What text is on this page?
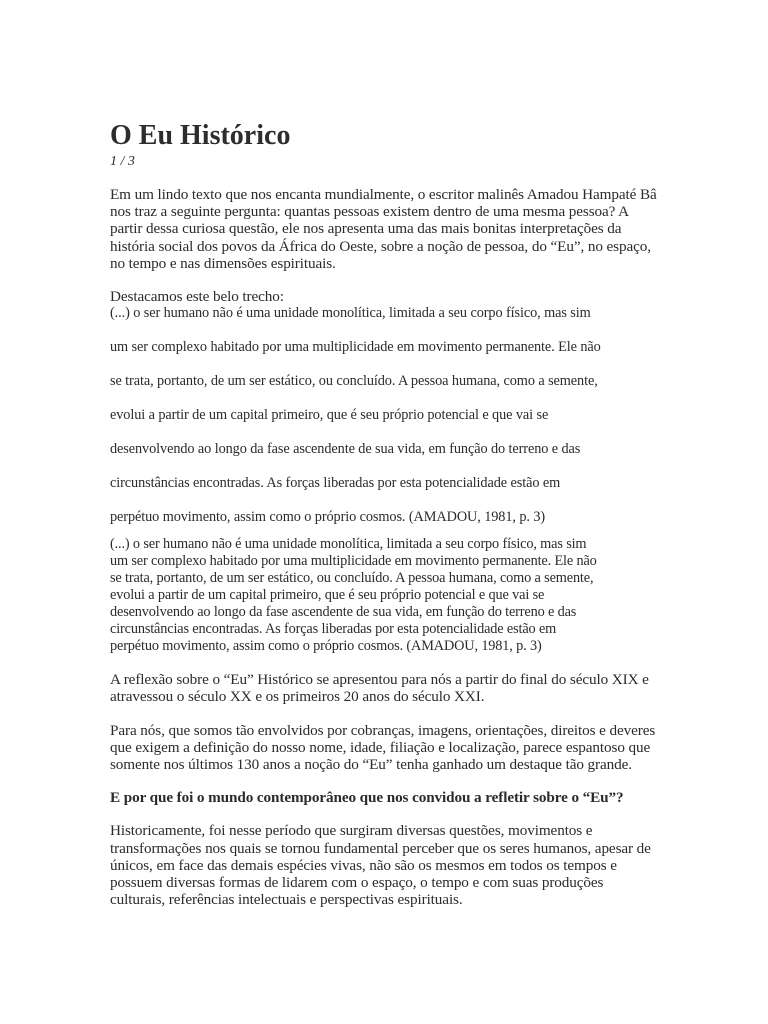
O Eu Histórico

1 / 3

Em um lindo texto que nos encanta mundialmente, o escritor malinês Amadou Hampaté Bâ nos traz a seguinte pergunta: quantas pessoas existem dentro de uma mesma pessoa? A partir dessa curiosa questão, ele nos apresenta uma das mais bonitas interpretações da história social dos povos da África do Oeste, sobre a noção de pessoa, do “Eu”, no espaço, no tempo e nas dimensões espirituais.

Destacamos este belo trecho:

(...) o ser humano não é uma unidade monolítica, limitada a seu corpo físico, mas sim

um ser complexo habitado por uma multiplicidade em movimento permanente. Ele não

se trata, portanto, de um ser estático, ou concluído. A pessoa humana, como a semente,

evolui a partir de um capital primeiro, que é seu próprio potencial e que vai se

desenvolvendo ao longo da fase ascendente de sua vida, em função do terreno e das

circunstâncias encontradas. As forças liberadas por esta potencialidade estão em

perpétuo movimento, assim como o próprio cosmos. (AMADOU, 1981, p. 3)

(...) o ser humano não é uma unidade monolítica, limitada a seu corpo físico, mas sim
um ser complexo habitado por uma multiplicidade em movimento permanente. Ele não
se trata, portanto, de um ser estático, ou concluído. A pessoa humana, como a semente,
evolui a partir de um capital primeiro, que é seu próprio potencial e que vai se
desenvolvendo ao longo da fase ascendente de sua vida, em função do terreno e das
circunstâncias encontradas. As forças liberadas por esta potencialidade estão em
perpétuo movimento, assim como o próprio cosmos. (AMADOU, 1981, p. 3)

A reflexão sobre o “Eu” Histórico se apresentou para nós a partir do final do século XIX e atravessou o século XX e os primeiros 20 anos do século XXI.

Para nós, que somos tão envolvidos por cobranças, imagens, orientações, direitos e deveres que exigem a definição do nosso nome, idade, filiação e localização, parece espantoso que somente nos últimos 130 anos a noção do “Eu” tenha ganhado um destaque tão grande.

E por que foi o mundo contemporâneo que nos convidou a refletir sobre o “Eu”?

Historicamente, foi nesse período que surgiram diversas questões, movimentos e transformações nos quais se tornou fundamental perceber que os seres humanos, apesar de únicos, em face das demais espécies vivas, não são os mesmos em todos os tempos e possuem diversas formas de lidarem com o espaço, o tempo e com suas produções culturais, referências intelectuais e perspectivas espirituais.
